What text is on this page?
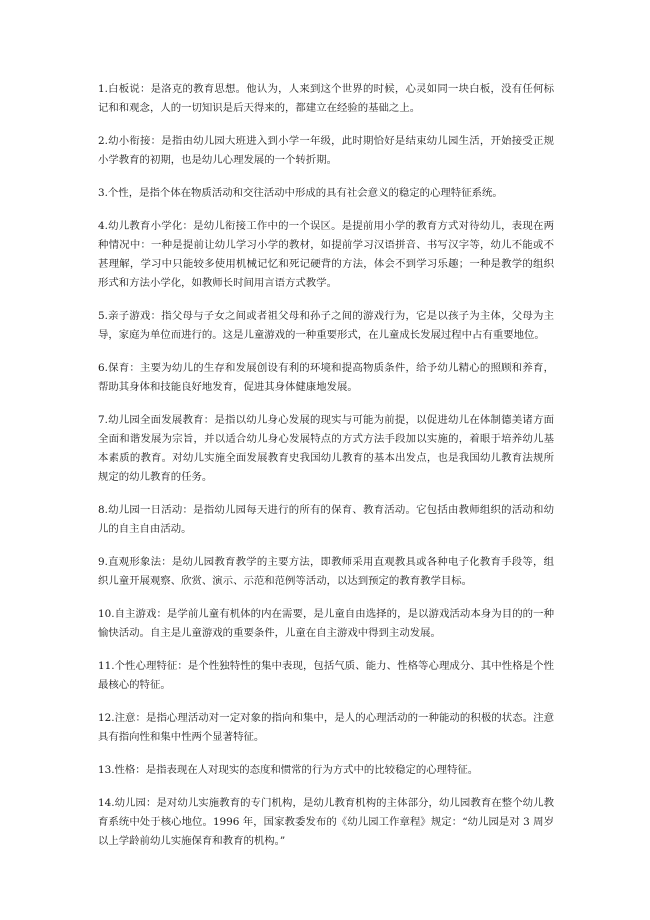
1.白板说：是洛克的教育思想。他认为，人来到这个世界的时候，心灵如同一块白板，没有任何标记和和观念，人的一切知识是后天得来的，都建立在经验的基础之上。

2.幼小衔接：是指由幼儿园大班进入到小学一年级，此时期恰好是结束幼儿园生活，开始接受正规小学教育的初期，也是幼儿心理发展的一个转折期。

3.个性，是指个体在物质活动和交往活动中形成的具有社会意义的稳定的心理特征系统。

4.幼儿教育小学化：是幼儿衔接工作中的一个误区。是提前用小学的教育方式对待幼儿，表现在两种情况中：一种是提前让幼儿学习小学的教材，如提前学习汉语拼音、书写汉字等，幼儿不能或不甚理解，学习中只能较多使用机械记忆和死记硬背的方法，体会不到学习乐趣；一种是教学的组织形式和方法小学化，如教师长时间用言语方式教学。

5.亲子游戏：指父母与子女之间或者祖父母和孙子之间的游戏行为，它是以孩子为主体，父母为主导，家庭为单位而进行的。这是儿童游戏的一种重要形式，在儿童成长发展过程中占有重要地位。

6.保育：主要为幼儿的生存和发展创设有利的环境和提高物质条件，给予幼儿精心的照顾和养育，帮助其身体和技能良好地发育，促进其身体健康地发展。

7.幼儿园全面发展教育：是指以幼儿身心发展的现实与可能为前提，以促进幼儿在体制德美诸方面全面和谐发展为宗旨，并以适合幼儿身心发展特点的方式方法手段加以实施的，着眼于培养幼儿基本素质的教育。对幼儿实施全面发展教育史我国幼儿教育的基本出发点，也是我国幼儿教育法规所规定的幼儿教育的任务。

8.幼儿园一日活动：是指幼儿园每天进行的所有的保育、教育活动。它包括由教师组织的活动和幼儿的自主自由活动。

9.直观形象法：是幼儿园教育教学的主要方法，即教师采用直观教具或各种电子化教育手段等，组织儿童开展观察、欣赏、演示、示范和范例等活动，以达到预定的教育教学目标。

10.自主游戏：是学前儿童有机体的内在需要，是儿童自由选择的，是以游戏活动本身为目的的一种愉快活动。自主是儿童游戏的重要条件，儿童在自主游戏中得到主动发展。

11.个性心理特征：是个性独特性的集中表现，包括气质、能力、性格等心理成分、其中性格是个性最核心的特征。

12.注意：是指心理活动对一定对象的指向和集中，是人的心理活动的一种能动的积极的状态。注意具有指向性和集中性两个显著特征。

13.性格：是指表现在人对现实的态度和惯常的行为方式中的比较稳定的心理特征。

14.幼儿园：是对幼儿实施教育的专门机构，是幼儿教育机构的主体部分，幼儿园教育在整个幼儿教育系统中处于核心地位。1996 年，国家教委发布的《幼儿园工作章程》规定：“幼儿园是对 3 周岁以上学龄前幼儿实施保育和教育的机构。”
